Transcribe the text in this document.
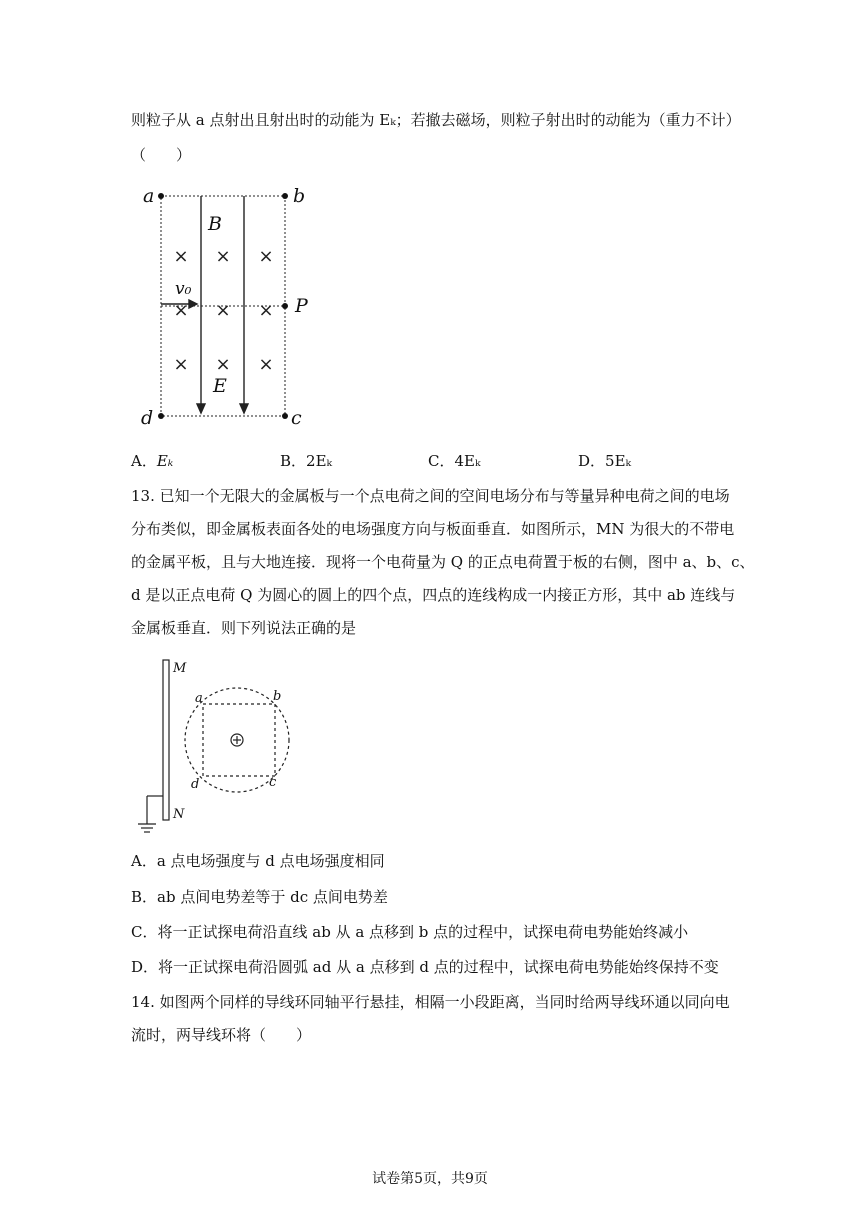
则粒子从 a 点射出且射出时的动能为 Eₖ；若撤去磁场，则粒子射出时的动能为（重力不计）
（　　）
× × ×
× × ×
× × ×
a	b
B
v₀
P
E
d	c
A．Eₖ	B．2Eₖ	C．4Eₖ	D．5Eₖ
13. 已知一个无限大的金属板与一个点电荷之间的空间电场分布与等量异种电荷之间的电场
分布类似，即金属板表面各处的电场强度方向与板面垂直．如图所示，MN 为很大的不带电
的金属平板，且与大地连接．现将一个电荷量为 Q 的正点电荷置于板的右侧，图中 a、b、c、
d 是以正点电荷 Q 为圆心的圆上的四个点，四点的连线构成一内接正方形，其中 ab 连线与
金属板垂直．则下列说法正确的是
M
N
a	b
d	c
A．a 点电场强度与 d 点电场强度相同
B．ab 点间电势差等于 dc 点间电势差
C．将一正试探电荷沿直线 ab 从 a 点移到 b 点的过程中，试探电荷电势能始终减小
D．将一正试探电荷沿圆弧 ad 从 a 点移到 d 点的过程中，试探电荷电势能始终保持不变
14. 如图两个同样的导线环同轴平行悬挂，相隔一小段距离，当同时给两导线环通以同向电
流时，两导线环将（　　）
试卷第5页，共9页
